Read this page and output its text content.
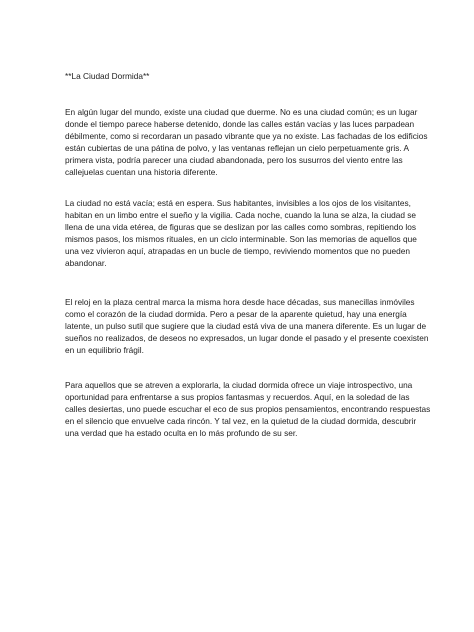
**La Ciudad Dormida**

En algún lugar del mundo, existe una ciudad que duerme. No es una ciudad común; es un lugar
donde el tiempo parece haberse detenido, donde las calles están vacías y las luces parpadean
débilmente, como si recordaran un pasado vibrante que ya no existe. Las fachadas de los edificios
están cubiertas de una pátina de polvo, y las ventanas reflejan un cielo perpetuamente gris. A
primera vista, podría parecer una ciudad abandonada, pero los susurros del viento entre las
callejuelas cuentan una historia diferente.

La ciudad no está vacía; está en espera. Sus habitantes, invisibles a los ojos de los visitantes,
habitan en un limbo entre el sueño y la vigilia. Cada noche, cuando la luna se alza, la ciudad se
llena de una vida etérea, de figuras que se deslizan por las calles como sombras, repitiendo los
mismos pasos, los mismos rituales, en un ciclo interminable. Son las memorias de aquellos que
una vez vivieron aquí, atrapadas en un bucle de tiempo, reviviendo momentos que no pueden
abandonar.

El reloj en la plaza central marca la misma hora desde hace décadas, sus manecillas inmóviles
como el corazón de la ciudad dormida. Pero a pesar de la aparente quietud, hay una energía
latente, un pulso sutil que sugiere que la ciudad está viva de una manera diferente. Es un lugar de
sueños no realizados, de deseos no expresados, un lugar donde el pasado y el presente coexisten
en un equilibrio frágil.

Para aquellos que se atreven a explorarla, la ciudad dormida ofrece un viaje introspectivo, una
oportunidad para enfrentarse a sus propios fantasmas y recuerdos. Aquí, en la soledad de las
calles desiertas, uno puede escuchar el eco de sus propios pensamientos, encontrando respuestas
en el silencio que envuelve cada rincón. Y tal vez, en la quietud de la ciudad dormida, descubrir
una verdad que ha estado oculta en lo más profundo de su ser.
